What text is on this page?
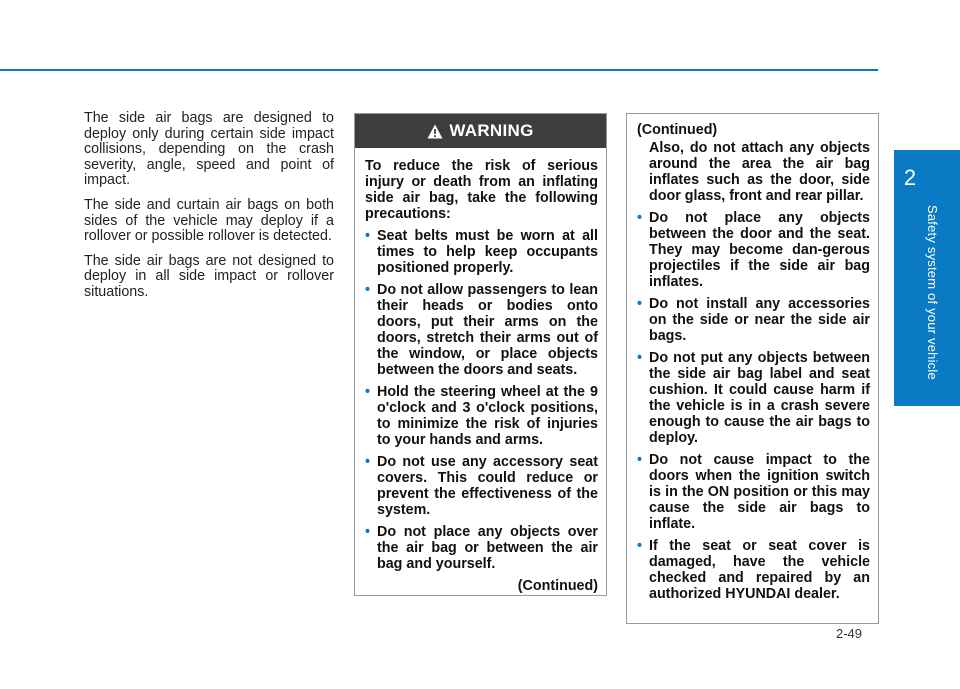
2
Safety system of your vehicle

The side air bags are designed to deploy only during certain side impact collisions, depending on the crash severity, angle, speed and point of impact.

The side and curtain air bags on both sides of the vehicle may deploy if a rollover or possible rollover is detected.

The side air bags are not designed to deploy in all side impact or rollover situations.

WARNING

To reduce the risk of serious injury or death from an inflating side air bag, take the following precautions:

• Seat belts must be worn at all times to help keep occupants positioned properly.
• Do not allow passengers to lean their heads or bodies onto doors, put their arms on the doors, stretch their arms out of the window, or place objects between the doors and seats.
• Hold the steering wheel at the 9 o'clock and 3 o'clock positions, to minimize the risk of injuries to your hands and arms.
• Do not use any accessory seat covers. This could reduce or prevent the effectiveness of the system.
• Do not place any objects over the air bag or between the air bag and yourself.

(Continued)

(Continued)

Also, do not attach any objects around the area the air bag inflates such as the door, side door glass, front and rear pillar.

• Do not place any objects between the door and the seat. They may become dan-gerous projectiles if the side air bag inflates.
• Do not install any accessories on the side or near the side air bags.
• Do not put any objects between the side air bag label and seat cushion. It could cause harm if the vehicle is in a crash severe enough to cause the air bags to deploy.
• Do not cause impact to the doors when the ignition switch is in the ON position or this may cause the side air bags to inflate.
• If the seat or seat cover is damaged, have the vehicle checked and repaired by an authorized HYUNDAI dealer.
2-49
